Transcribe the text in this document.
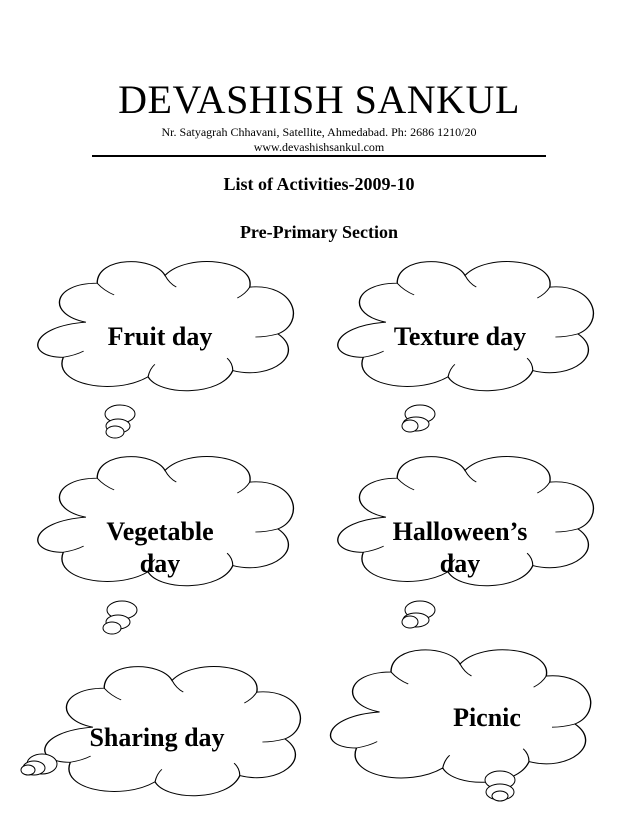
DEVASHISH SANKUL
Nr. Satyagrah Chhavani, Satellite, Ahmedabad. Ph: 2686 1210/20
www.devashishsankul.com
List of Activities-2009-10
Pre-Primary Section
Fruit day	Texture day
Vegetable
day
Halloween’s
day
Sharing day
Picnic
